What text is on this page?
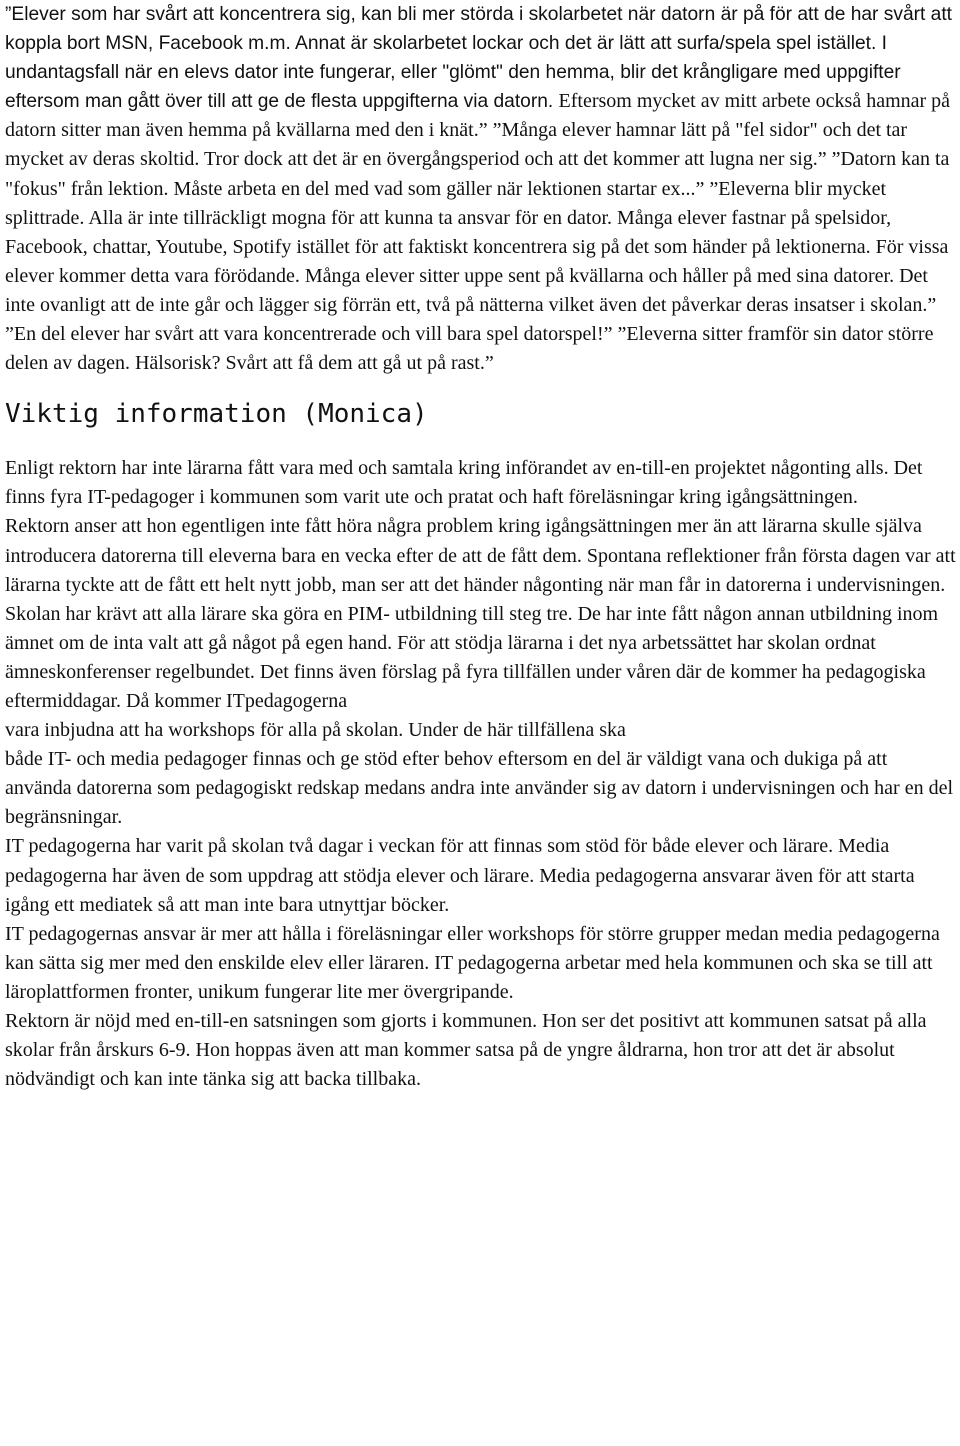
”Elever som har svårt att koncentrera sig, kan bli mer störda i skolarbetet när datorn är på för att de har svårt att koppla bort MSN, Facebook m.m. Annat är skolarbetet lockar och det är lätt att surfa/spela spel istället. I undantagsfall när en elevs dator inte fungerar, eller "glömt" den hemma, blir det krångligare med uppgifter eftersom man gått över till att ge de flesta uppgifterna via datorn. Eftersom mycket av mitt arbete också hamnar på datorn sitter man även hemma på kvällarna med den i knät.” ”Många elever hamnar lätt på "fel sidor" och det tar mycket av deras skoltid. Tror dock att det är en övergångsperiod och att det kommer att lugna ner sig.” ”Datorn kan ta "fokus" från lektion. Måste arbeta en del med vad som gäller när lektionen startar ex...” ”Eleverna blir mycket splittrade. Alla är inte tillräckligt mogna för att kunna ta ansvar för en dator. Många elever fastnar på spelsidor, Facebook, chattar, Youtube, Spotify istället för att faktiskt koncentrera sig på det som händer på lektionerna. För vissa elever kommer detta vara förödande. Många elever sitter uppe sent på kvällarna och håller på med sina datorer. Det inte ovanligt att de inte går och lägger sig förrän ett, två på nätterna vilket även det påverkar deras insatser i skolan.” ”En del elever har svårt att vara koncentrerade och vill bara spel datorspel!” ”Eleverna sitter framför sin dator större delen av dagen. Hälsorisk? Svårt att få dem att gå ut på rast.”
Viktig information (Monica)

Enligt rektorn har inte lärarna fått vara med och samtala kring införandet av en-till-en projektet någonting alls. Det finns fyra IT-pedagoger i kommunen som varit ute och pratat och haft föreläsningar kring igångsättningen.

Rektorn anser att hon egentligen inte fått höra några problem kring igångsättningen mer än att lärarna skulle själva introducera datorerna till eleverna bara en vecka efter de att de fått dem. Spontana reflektioner från första dagen var att lärarna tyckte att de fått ett helt nytt jobb, man ser att det händer någonting när man får in datorerna i undervisningen.

Skolan har krävt att alla lärare ska göra en PIM- utbildning till steg tre. De har inte fått någon annan utbildning inom ämnet om de inta valt att gå något på egen hand. För att stödja lärarna i det nya arbetssättet har skolan ordnat ämneskonferenser regelbundet. Det finns även förslag på fyra tillfällen under våren där de kommer ha pedagogiska eftermiddagar. Då kommer ITpedagogerna

vara inbjudna att ha workshops för alla på skolan. Under de här tillfällena ska

både IT- och media pedagoger finnas och ge stöd efter behov eftersom en del är väldigt vana och dukiga på att använda datorerna som pedagogiskt redskap medans andra inte använder sig av datorn i undervisningen och har en del begränsningar.

IT pedagogerna har varit på skolan två dagar i veckan för att finnas som stöd för både elever och lärare. Media pedagogerna har även de som uppdrag att stödja elever och lärare. Media pedagogerna ansvarar även för att starta igång ett mediatek så att man inte bara utnyttjar böcker.

IT pedagogernas ansvar är mer att hålla i föreläsningar eller workshops för större grupper medan media pedagogerna kan sätta sig mer med den enskilde elev eller läraren. IT pedagogerna arbetar med hela kommunen och ska se till att läroplattformen fronter, unikum fungerar lite mer övergripande.

Rektorn är nöjd med en-till-en satsningen som gjorts i kommunen. Hon ser det positivt att kommunen satsat på alla skolar från årskurs 6-9. Hon hoppas även att man kommer satsa på de yngre åldrarna, hon tror att det är absolut nödvändigt och kan inte tänka sig att backa tillbaka.
